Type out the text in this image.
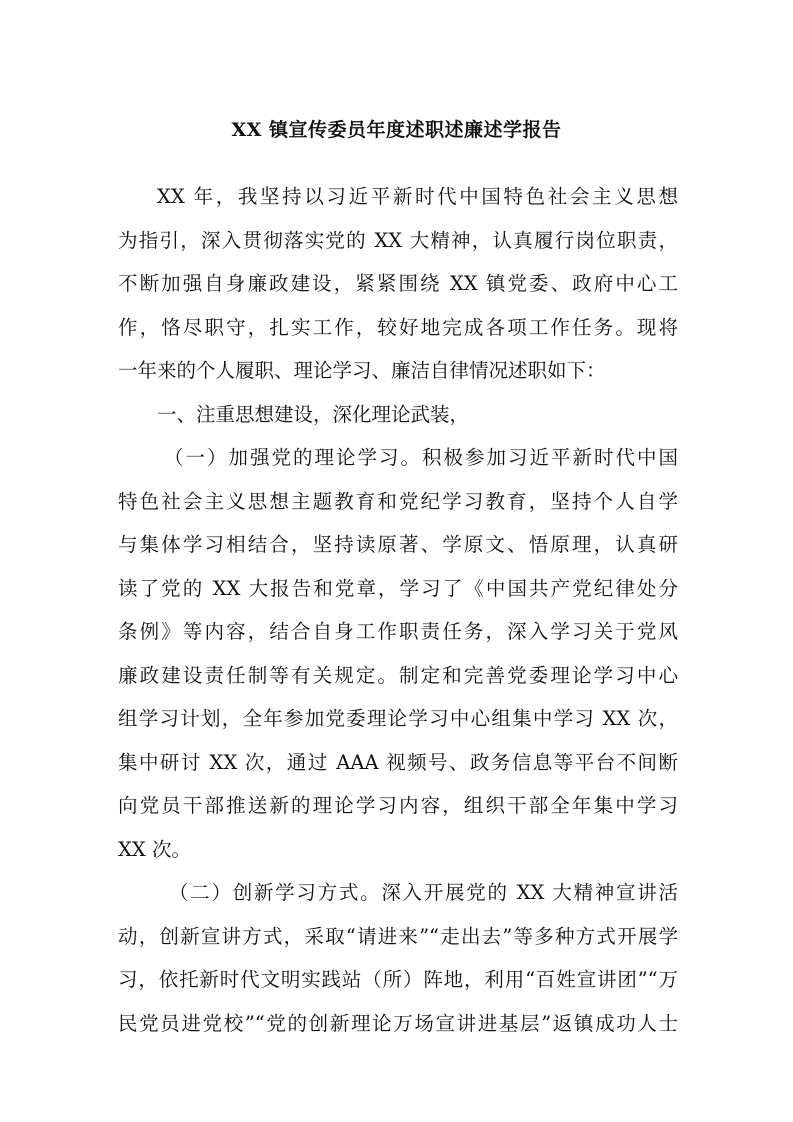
XX 镇宣传委员年度述职述廉述学报告
XX 年，我坚持以习近平新时代中国特色社会主义思想
为指引，深入贯彻落实党的 XX 大精神，认真履行岗位职责，
不断加强自身廉政建设，紧紧围绕 XX 镇党委、政府中心工
作，恪尽职守，扎实工作，较好地完成各项工作任务。现将
一年来的个人履职、理论学习、廉洁自律情况述职如下：
一、注重思想建设，深化理论武装，
（一）加强党的理论学习。积极参加习近平新时代中国
特色社会主义思想主题教育和党纪学习教育，坚持个人自学
与集体学习相结合，坚持读原著、学原文、悟原理，认真研
读了党的 XX 大报告和党章，学习了《中国共产党纪律处分
条例》等内容，结合自身工作职责任务，深入学习关于党风
廉政建设责任制等有关规定。制定和完善党委理论学习中心
组学习计划，全年参加党委理论学习中心组集中学习 XX 次，
集中研讨 XX 次，通过 AAA 视频号、政务信息等平台不间断
向党员干部推送新的理论学习内容，组织干部全年集中学习
XX 次。
（二）创新学习方式。深入开展党的 XX 大精神宣讲活
动，创新宣讲方式，采取“请进来”“走出去”等多种方式开展学
习，依托新时代文明实践站（所）阵地，利用“百姓宣讲团”“万
民党员进党校”“党的创新理论万场宣讲进基层”返镇成功人士
